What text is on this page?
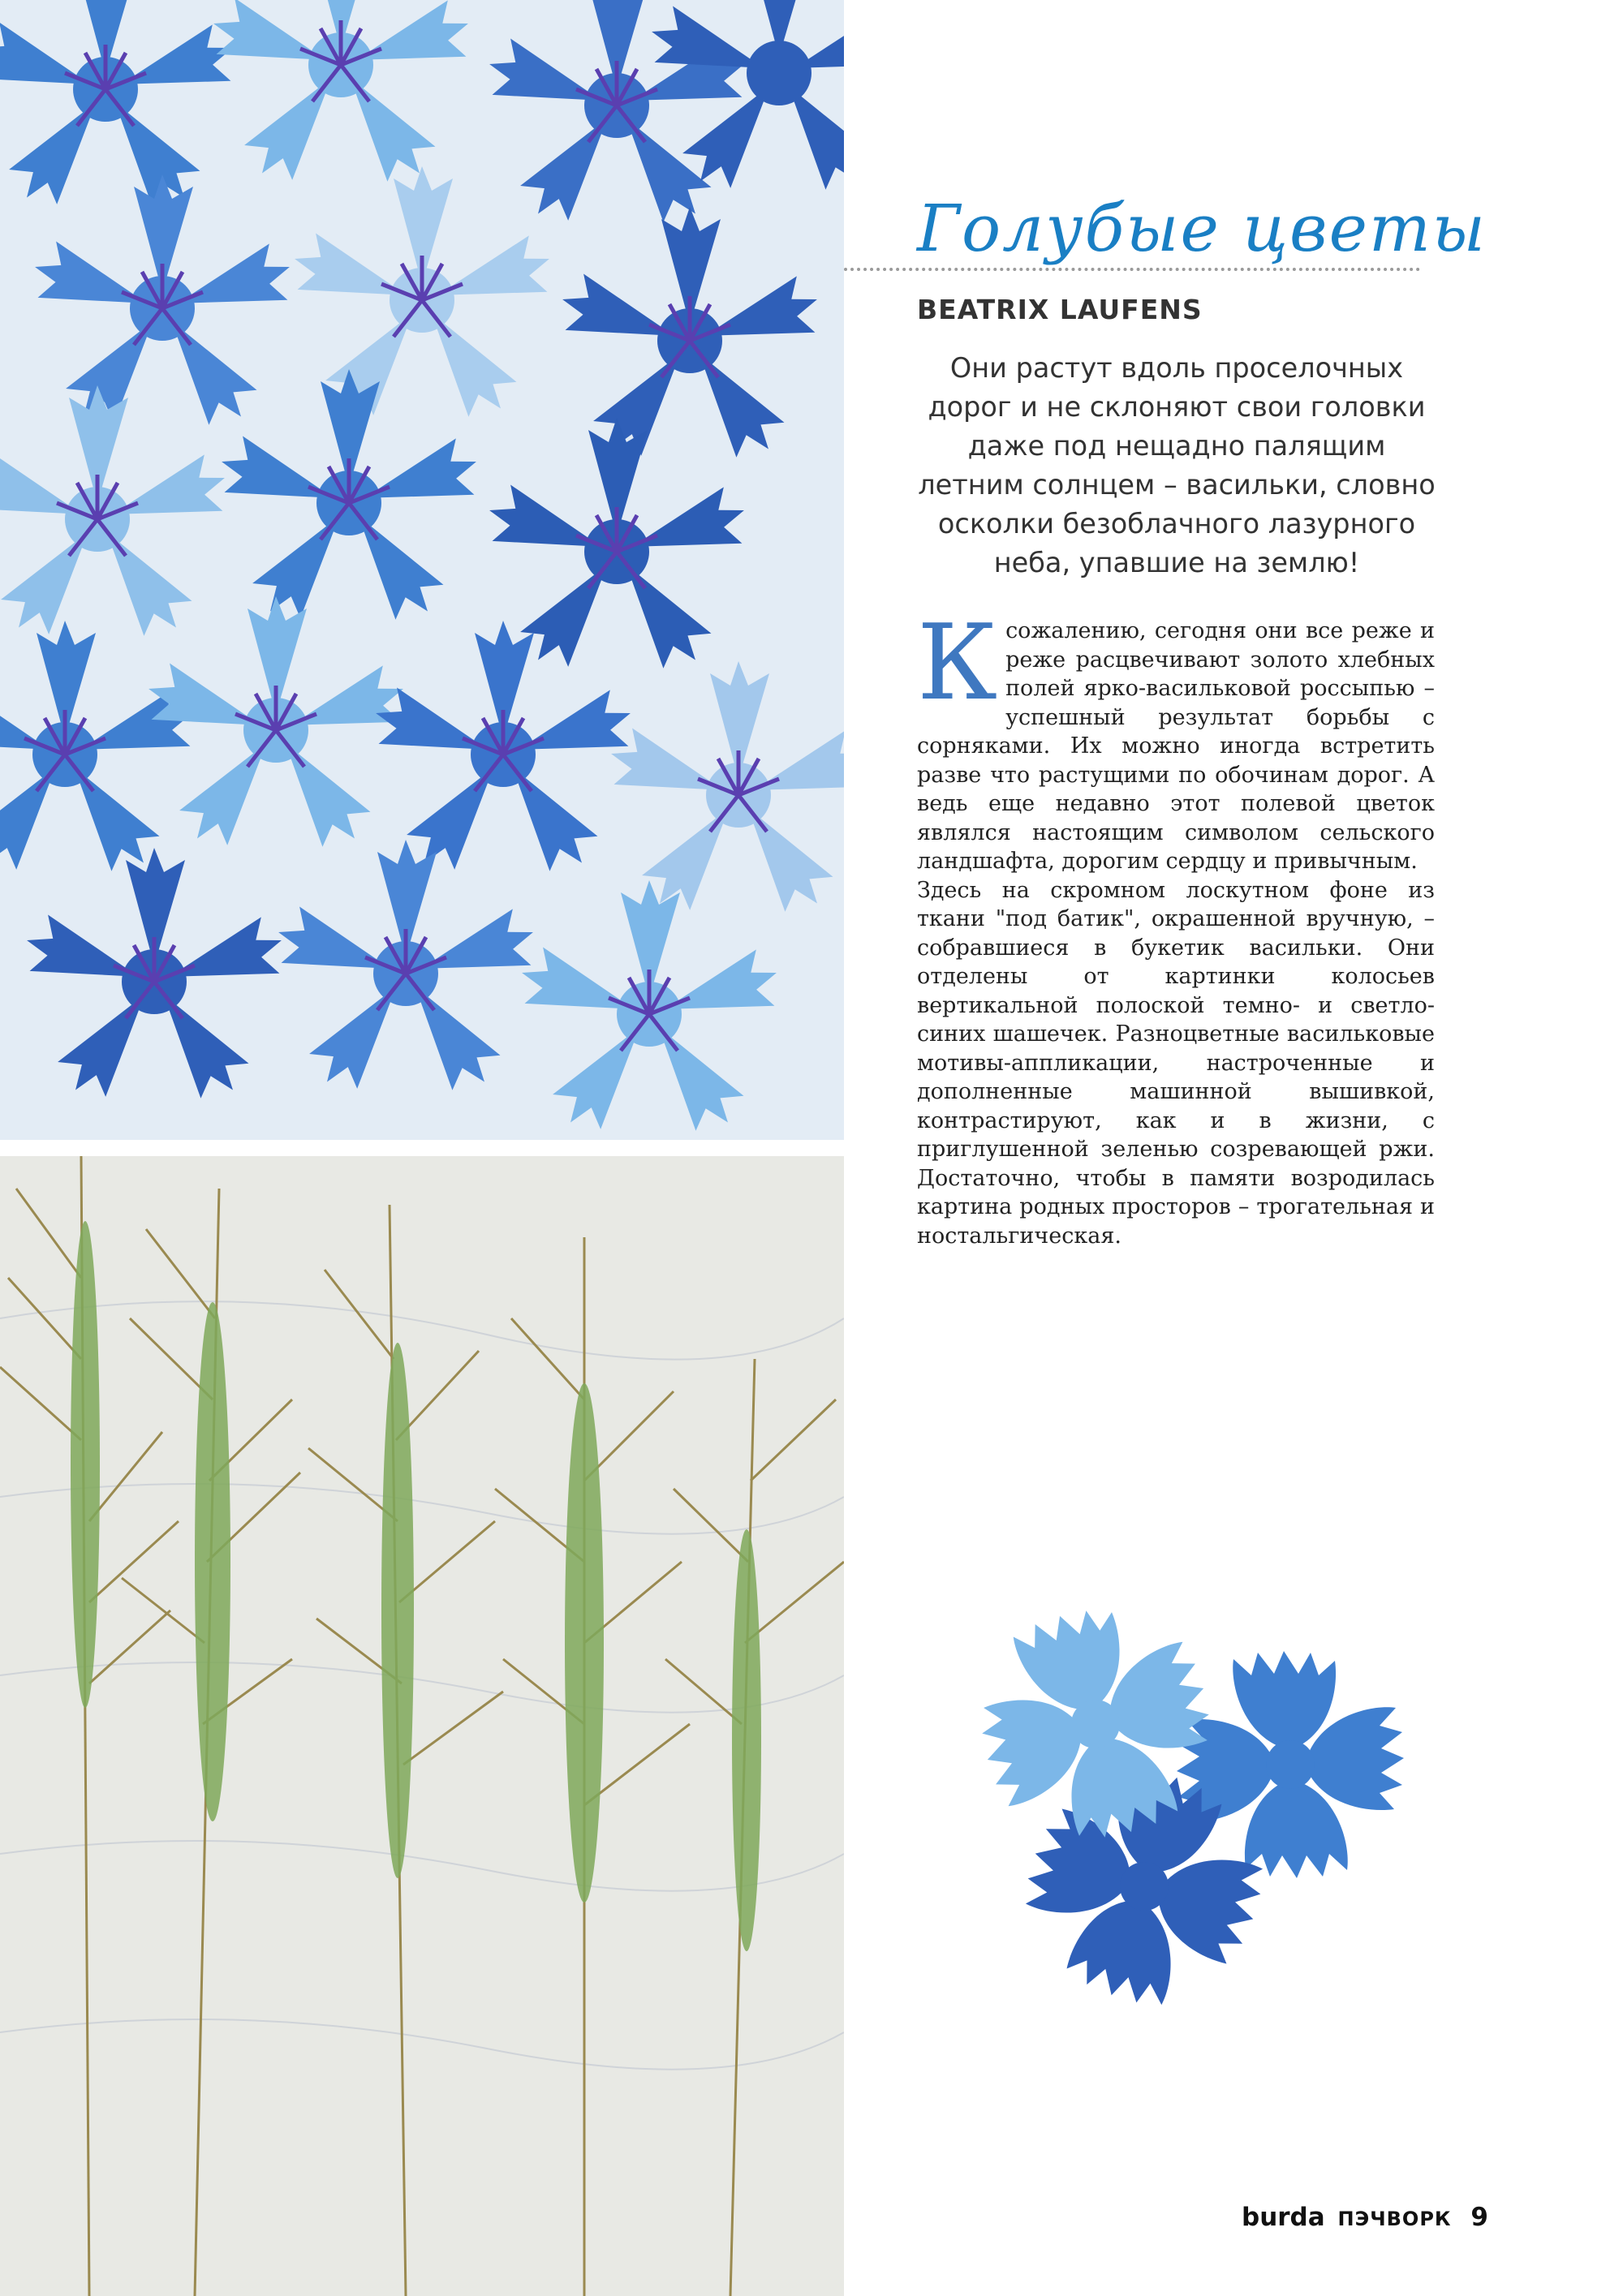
Голубые цветы
BEATRIX LAUFENS
Они растут вдоль проселочных дорог и не склоняют свои головки даже под нещадно палящим летним солнцем – васильки, словно осколки безоблачного лазурного неба, упавшие на землю!

Ксожалению, сегодня они все реже и реже расцвечивают золото хлебных полей ярко-васильковой россыпью – успешный результат борьбы с сорняками. Их можно иногда встретить разве что растущими по обочинам дорог. А ведь еще недавно этот полевой цветок являлся настоящим символом сельского ландшафта, дорогим сердцу и привычным.

Здесь на скромном лоскутном фоне из ткани "под батик", окрашенной вручную, – собравшиеся в букетик васильки. Они отделены от картинки колосьев вертикальной полоской темно- и светло-синих шашечек. Разноцветные васильковые мотивы-аппликации, настроченные и дополненные машинной вышивкой, контрастируют, как и в жизни, с приглушенной зеленью созревающей ржи. Достаточно, чтобы в памяти возродилась картина родных просторов – трогательная и ностальгическая.

burda ПЭЧВОРК 9
